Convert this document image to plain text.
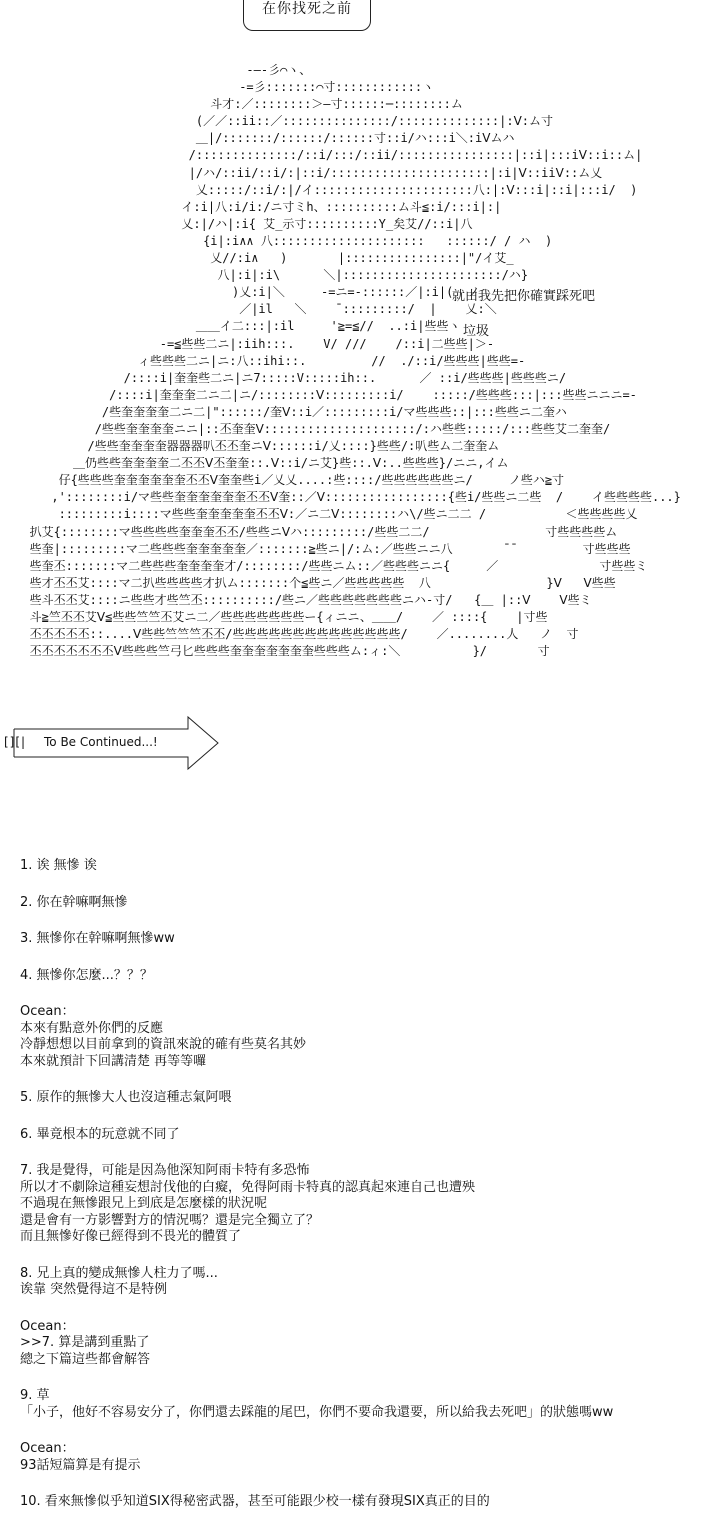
在你找死之前
‐―‐彡⌒ヽ、
‐=彡:::::::⌒寸::::::::::::ヽ
斗才:／::::::::＞―寸::::::─::::::::ム
(／／::ii::／:::::::::::::::/::::::::::::::|:Ⅴ:ム寸
＿|/:::::::/::::::/::::::寸::i/ハ:::i＼:iⅤムハ
/::::::::::::::/::i/:::/::ii/::::::::::::::::|::i|:::iⅤ::i::ム|
|/ハ/::ii/::i/:|::i/::::::::::::::::::::::|:i|Ⅴ::iiⅤ::ム乂
乂:::::/::i/:|/イ::::::::::::::::::::::八:|:Ⅴ:::i|::i|:::i/  )
イ:i|八:i/i:/ニ寸ミh、::::::::::ム斗≦:i/:::i|:|
乂:|/ハ|:i{ 艾_示寸::::::::::Y_矣艾//::i|八
{i|:i∧∧ 八:::::::::::::::::::::   ::::::/ / ハ  )
乂//:i∧   )       |::::::::::::::::|"/イ艾_
八|:i|:i\      ＼|::::::::::::::::::::::/ハ}
)乂:i|＼     ‐=ニ=‐::::::／|:i|(  ノ
／|il   ＼    ¯:::::::::/  |    乂:＼
＿＿イ二:::|:il     '≧=≦//  ..:i|些些ヽ
‐=≦些些二ニ|:iih:::.    V/ ///    /::i|二些些|＞‐
ィ些些些二ニ|ニ:八::ihi::.         //  ./::i/些些些|些些=‐
/::::i|奎奎些二ニ|ニ7:::::V:::::ih::.      ／ ::i/些些些|些些些ニ/
/::::i|奎奎奎二ニ二|ニ/::::::::Ⅴ:::::::::i/    :::::/些些些:::|:::些些ニニニ=‐
/些奎奎奎奎二ニ二|"::::::/奎Ⅴ::i／:::::::::i/マ些些些::|:::些些ニ二奎ハ
/些些奎奎奎奎ニニ|::丕奎奎Ⅴ:::::::::::::::::::::/:ハ些些:::::/:::些些艾二奎奎/
/些些奎奎奎奎器器器叭丕丕奎ニⅤ::::::i/乂::::}些些/:叭些ム二奎奎ム
＿仍些些奎奎奎奎二丕丕Ⅴ丕奎奎::.Ⅴ::i/ニ艾}些::.Ⅴ:..些些些}/ニニ,イム
仔{些些些奎奎奎奎奎奎丕丕Ⅴ奎奎些i／乂乂....:些::::/些些些些些些ニ/     ノ些ハ≧寸
,'::::::::i/マ些些奎奎奎奎奎奎丕丕Ⅴ奎::／Ⅴ:::::::::::::::::{些i/些些ニ二些  /    イ些些些些...}
:::::::::i::::マ些些奎奎奎奎奎丕丕Ⅴ:／ニ二Ⅴ::::::::ハ\/些ニ二二 /           ＜些些些些乂
扒艾{::::::::マ些些些些奎奎奎丕丕/些些ニⅤハ:::::::::/些些二二/                寸些些些些ム
些奎|:::::::::マ二些些些奎奎奎奎奎／:::::::≧些ニ|/:ム:／些些ニニ八       ̄ ̄          寸些些些
些奎丕:::::::マ二些些些奎奎奎奎才/::::::::/些些ニム::／些些些ニニ{     ／              寸些些ミ
些才丕丕艾::::マ二扒些些些些才扒ム:::::::个≦些ニ／些些些些些  八                }Ⅴ   Ⅴ些些
些斗丕丕艾::::ニ些些才些竺丕::::::::::/些ニ／些些些些些些些ニハ‐寸/   {＿ |::Ⅴ    Ⅴ些ミ
斗≧竺丕丕艾Ⅴ≦些些竺竺丕艾ニ二／些些些些些些些ー{ィニニ、＿＿/    ／ ::::{    |寸些
丕丕丕丕丕::....Ⅴ些些竺竺竺丕丕/些些些些些些些些些些些些些些/    ／........人   ノ  寸
丕丕丕丕丕丕丕Ⅴ些些些竺弓匕些些些奎奎奎奎奎奎奎些些些ム:ィ:＼          }/       寸
就由我先把你確實踩死吧
垃圾
[][| To Be Continued...!
1. 诶 無慘 诶
2. 你在幹嘛啊無慘
3. 無慘你在幹嘛啊無慘ww
4. 無慘你怎麼...？？？
Ocean：
本來有點意外你們的反應
冷靜想想以目前拿到的資訊來說的確有些莫名其妙
本來就預計下回講清楚 再等等囉
5. 原作的無慘大人也沒這種志氣阿喂
6. 畢竟根本的玩意就不同了
7. 我是覺得，可能是因為他深知阿雨卡特有多恐怖
所以才不劇除這種妄想討伐他的白癡，免得阿雨卡特真的認真起來連自己也遭殃
不過現在無慘跟兄上到底是怎麼樣的狀況呢
還是會有一方影響對方的情況嗎？還是完全獨立了？
而且無慘好像已經得到不畏光的體質了
8. 兄上真的變成無慘人柱力了嗎...
诶靠 突然覺得這不是特例
Ocean：
>>7. 算是講到重點了
總之下篇這些都會解答
9. 草
「小子，他好不容易安分了，你們還去踩龍的尾巴，你們不要命我還要，所以給我去死吧」的狀態嗎ww
Ocean：
93話短篇算是有提示
10. 看來無慘似乎知道SIX得秘密武器，甚至可能跟少校一樣有發現SIX真正的目的
